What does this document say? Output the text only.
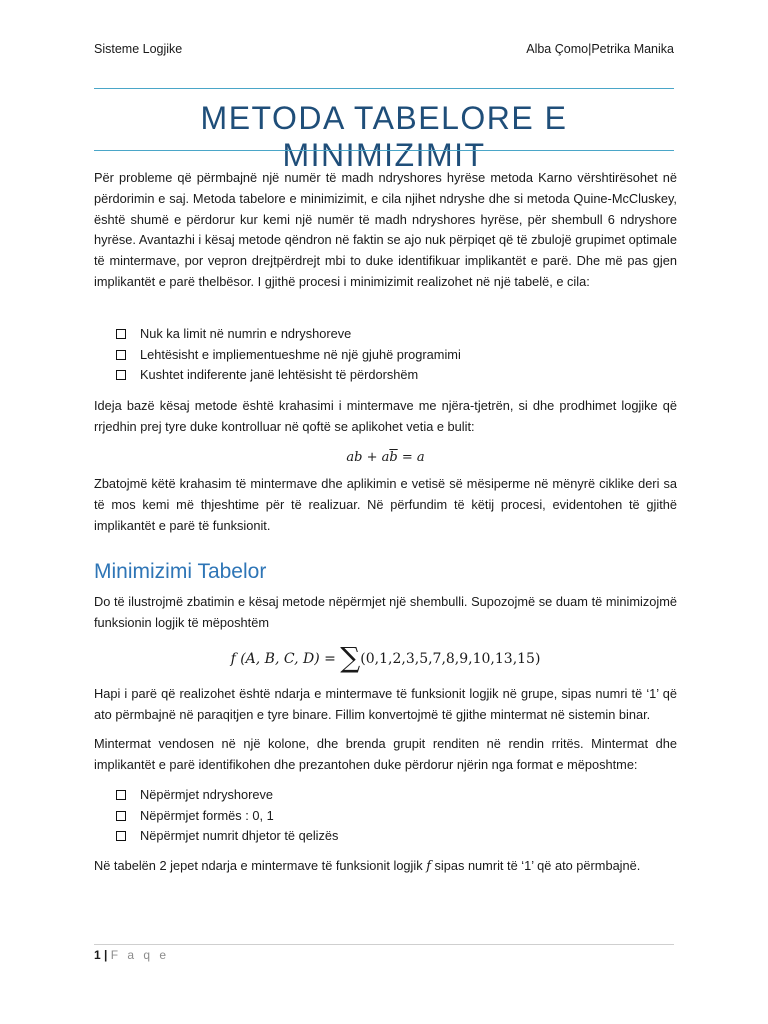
Sisteme Logjike	Alba Çomo|Petrika Manika
METODA TABELORE E MINIMIZIMIT

Për probleme që përmbajnë një numër të madh ndryshores hyrëse metoda Karno vërshtirësohet në përdorimin e saj. Metoda tabelore e minimizimit, e cila njihet ndryshe dhe si metoda Quine-McCluskey, është shumë e përdorur kur kemi një numër të madh ndryshores hyrëse, për shembull 6 ndryshore hyrëse. Avantazhi i kësaj metode qëndron në faktin se ajo nuk përpiqet që të zbulojë grupimet optimale të mintermave, por vepron drejtpërdrejt mbi to duke identifikuar implikantët e parë. Dhe më pas gjen implikantët e parë thelbësor. I gjithë procesi i minimizimit realizohet në një tabelë, e cila:

Nuk ka limit në numrin e ndryshoreve
Lehtësisht e impliementueshme në një gjuhë programimi
Kushtet indiferente janë lehtësisht të përdorshëm

Ideja bazë kësaj metode është krahasimi i mintermave me njëra-tjetrën, si dhe prodhimet logjike që rrjedhin prej tyre duke kontrolluar në qoftë se aplikohet vetia e bulit:

ab + $a\overline{b} = a$

Zbatojmë këtë krahasim të mintermave dhe aplikimin e vetisë së mësiperme në mënyrë ciklike deri sa të mos kemi më thjeshtime për të realizuar. Në përfundim të këtij procesi, evidentohen të gjithë implikantët e parë të funksionit.

Minimizimi Tabelor

Do të ilustrojmë zbatimin e kësaj metode nëpërmjet një shembulli. Supozojmë se duam të minimizojmë funksionin logjik të mëposhtëm

f (A, B, C, D) = ∑(0,1,2,3,5,7,8,9,10,13,15)

Hapi i parë që realizohet është ndarja e mintermave të funksionit logjik në grupe, sipas numri të ‘1’ që ato përmbajnë në paraqitjen e tyre binare. Fillim konvertojmë të gjithe mintermat në sistemin binar.

Mintermat vendosen në një kolone, dhe brenda grupit renditen në rendin rritës. Mintermat dhe implikantët e parë identifikohen dhe prezantohen duke përdorur njërin nga format e mëposhtme:

Nëpërmjet ndryshoreve
Nëpërmjet formës : 0, 1
Nëpërmjet numrit dhjetor të qelizës

Në tabelën 2 jepet ndarja e mintermave të funksionit logjik f sipas numrit të ‘1’ që ato përmbajnë.

1 | F a q e
